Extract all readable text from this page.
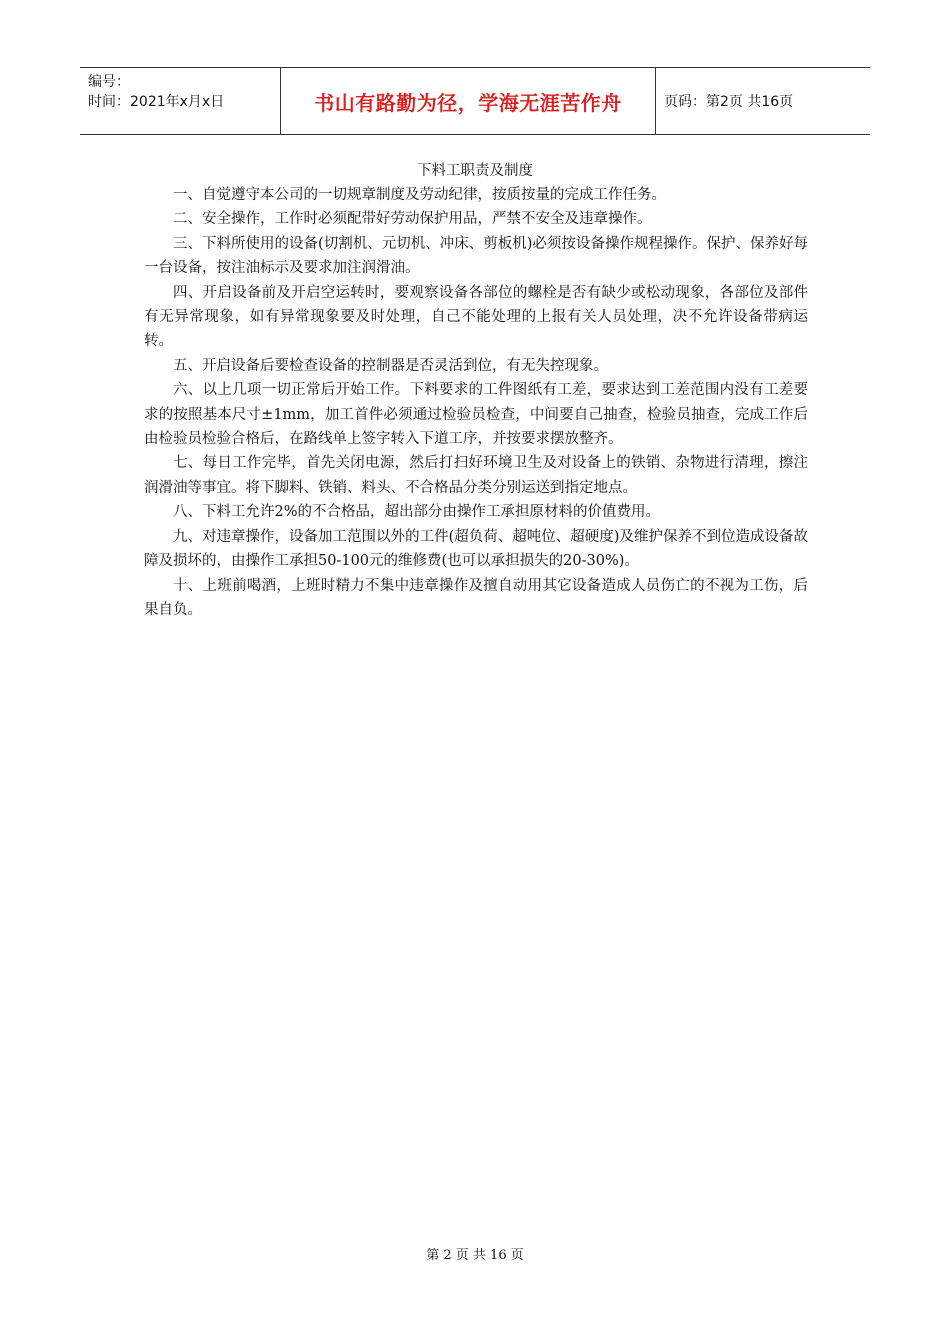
编号：
时间：2021年x月x日	书山有路勤为径，学海无涯苦作舟	页码：第2页 共16页
下料工职责及制度

一、自觉遵守本公司的一切规章制度及劳动纪律，按质按量的完成工作任务。

二、安全操作，工作时必须配带好劳动保护用品，严禁不安全及违章操作。

三、下料所使用的设备(切割机、元切机、冲床、剪板机)必须按设备操作规程操作。保护、保养好每一台设备，按注油标示及要求加注润滑油。

四、开启设备前及开启空运转时，要观察设备各部位的螺栓是否有缺少或松动现象，各部位及部件有无异常现象，如有异常现象要及时处理，自己不能处理的上报有关人员处理，决不允许设备带病运转。

五、开启设备后要检查设备的控制器是否灵活到位，有无失控现象。

六、以上几项一切正常后开始工作。下料要求的工件图纸有工差，要求达到工差范围内没有工差要求的按照基本尺寸±1mm，加工首件必须通过检验员检查，中间要自己抽查，检验员抽查，完成工作后由检验员检验合格后，在路线单上签字转入下道工序，并按要求摆放整齐。

七、每日工作完毕，首先关闭电源，然后打扫好环境卫生及对设备上的铁销、杂物进行清理，擦注润滑油等事宜。将下脚料、铁销、料头、不合格品分类分别运送到指定地点。

八、下料工允许2%的不合格品，超出部分由操作工承担原材料的价值费用。

九、对违章操作，设备加工范围以外的工件(超负荷、超吨位、超硬度)及维护保养不到位造成设备故障及损坏的，由操作工承担50-100元的维修费(也可以承担损失的20-30%)。

十、上班前喝酒，上班时精力不集中违章操作及擅自动用其它设备造成人员伤亡的不视为工伤，后果自负。

第 2 页 共 16 页
